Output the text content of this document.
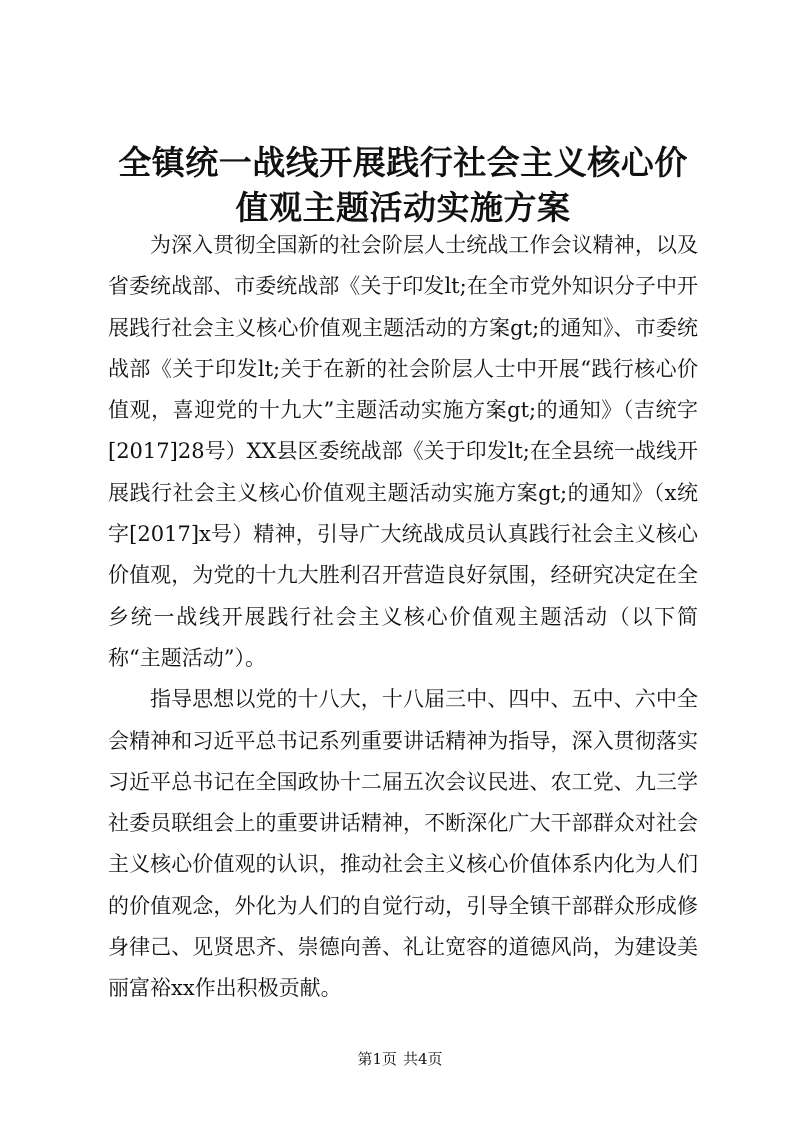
全镇统一战线开展践行社会主义核心价值观主题活动实施方案

为深入贯彻全国新的社会阶层人士统战工作会议精神，以及省委统战部、市委统战部《关于印发lt;在全市党外知识分子中开展践行社会主义核心价值观主题活动的方案gt;的通知》、市委统战部《关于印发lt;关于在新的社会阶层人士中开展“践行核心价值观，喜迎党的十九大”主题活动实施方案gt;的通知》（吉统字[2017]28号）XX县区委统战部《关于印发lt;在全县统一战线开展践行社会主义核心价值观主题活动实施方案gt;的通知》（x统字[2017]x号）精神，引导广大统战成员认真践行社会主义核心价值观，为党的十九大胜利召开营造良好氛围，经研究决定在全乡统一战线开展践行社会主义核心价值观主题活动（以下简称“主题活动”）。

指导思想以党的十八大，十八届三中、四中、五中、六中全会精神和习近平总书记系列重要讲话精神为指导，深入贯彻落实习近平总书记在全国政协十二届五次会议民进、农工党、九三学社委员联组会上的重要讲话精神，不断深化广大干部群众对社会主义核心价值观的认识，推动社会主义核心价值体系内化为人们的价值观念，外化为人们的自觉行动，引导全镇干部群众形成修身律己、见贤思齐、崇德向善、礼让宽容的道德风尚，为建设美丽富裕xx作出积极贡献。

第1页 共4页
